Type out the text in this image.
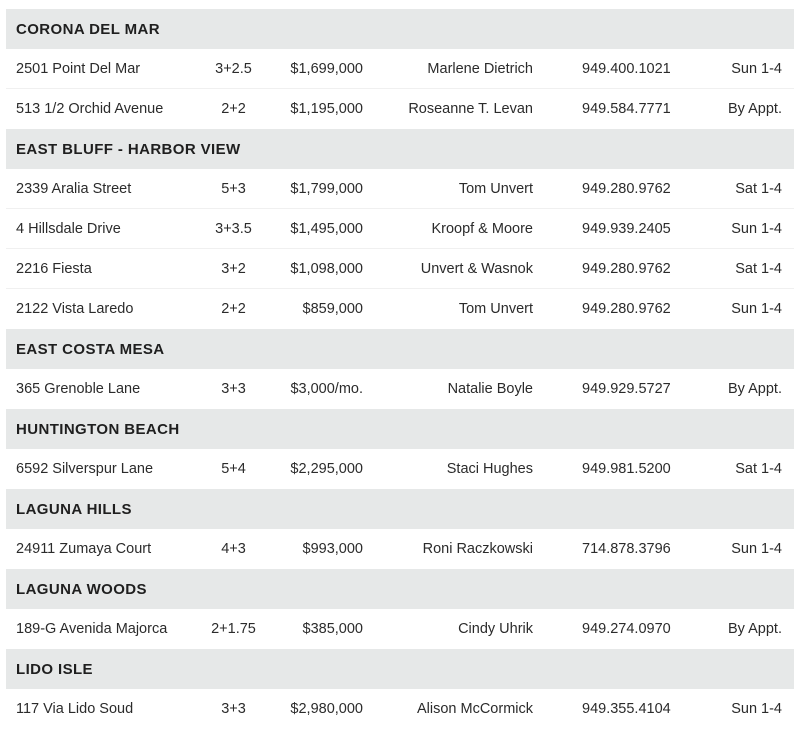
CORONA DEL MAR
2501 Point Del Mar	3+2.5	$1,699,000	Marlene Dietrich	949.400.1021	Sun 1-4
513 1/2 Orchid Avenue	2+2	$1,195,000	Roseanne T. Levan	949.584.7771	By Appt.
EAST BLUFF - HARBOR VIEW
2339 Aralia Street	5+3	$1,799,000	Tom Unvert	949.280.9762	Sat 1-4
4 Hillsdale Drive	3+3.5	$1,495,000	Kroopf & Moore	949.939.2405	Sun 1-4
2216 Fiesta	3+2	$1,098,000	Unvert & Wasnok	949.280.9762	Sat 1-4
2122 Vista Laredo	2+2	$859,000	Tom Unvert	949.280.9762	Sun 1-4
EAST COSTA MESA
365 Grenoble Lane	3+3	$3,000/mo.	Natalie Boyle	949.929.5727	By Appt.
HUNTINGTON BEACH
6592 Silverspur Lane	5+4	$2,295,000	Staci Hughes	949.981.5200	Sat 1-4
LAGUNA HILLS
24911 Zumaya Court	4+3	$993,000	Roni Raczkowski	714.878.3796	Sun 1-4
LAGUNA WOODS
189-G Avenida Majorca	2+1.75	$385,000	Cindy Uhrik	949.274.0970	By Appt.
LIDO ISLE
117 Via Lido Soud	3+3	$2,980,000	Alison McCormick	949.355.4104	Sun 1-4
